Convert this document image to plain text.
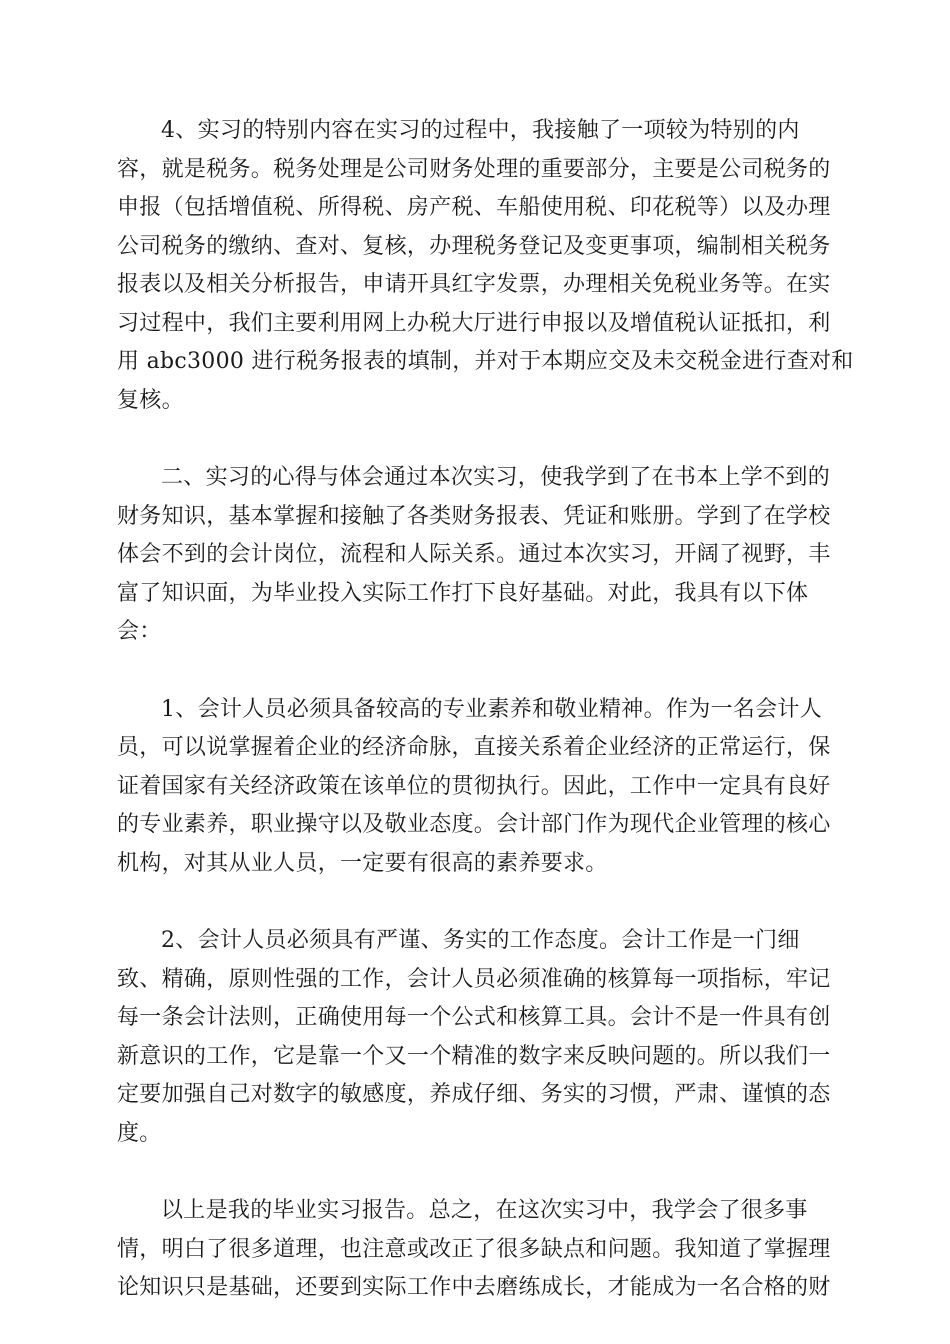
4、实习的特别内容在实习的过程中，我接触了一项较为特别的内
容，就是税务。税务处理是公司财务处理的重要部分，主要是公司税务的
申报（包括增值税、所得税、房产税、车船使用税、印花税等）以及办理
公司税务的缴纳、查对、复核，办理税务登记及变更事项，编制相关税务
报表以及相关分析报告，申请开具红字发票，办理相关免税业务等。在实
习过程中，我们主要利用网上办税大厅进行申报以及增值税认证抵扣，利
用 abc3000 进行税务报表的填制，并对于本期应交及未交税金进行查对和
复核。
二、实习的心得与体会通过本次实习，使我学到了在书本上学不到的
财务知识，基本掌握和接触了各类财务报表、凭证和账册。学到了在学校
体会不到的会计岗位，流程和人际关系。通过本次实习，开阔了视野，丰
富了知识面，为毕业投入实际工作打下良好基础。对此，我具有以下体
会：
1、会计人员必须具备较高的专业素养和敬业精神。作为一名会计人
员，可以说掌握着企业的经济命脉，直接关系着企业经济的正常运行，保
证着国家有关经济政策在该单位的贯彻执行。因此，工作中一定具有良好
的专业素养，职业操守以及敬业态度。会计部门作为现代企业管理的核心
机构，对其从业人员，一定要有很高的素养要求。
2、会计人员必须具有严谨、务实的工作态度。会计工作是一门细
致、精确，原则性强的工作，会计人员必须准确的核算每一项指标，牢记
每一条会计法则，正确使用每一个公式和核算工具。会计不是一件具有创
新意识的工作，它是靠一个又一个精准的数字来反映问题的。所以我们一
定要加强自己对数字的敏感度，养成仔细、务实的习惯，严肃、谨慎的态
度。
以上是我的毕业实习报告。总之，在这次实习中，我学会了很多事
情，明白了很多道理，也注意或改正了很多缺点和问题。我知道了掌握理
论知识只是基础，还要到实际工作中去磨练成长，才能成为一名合格的财
